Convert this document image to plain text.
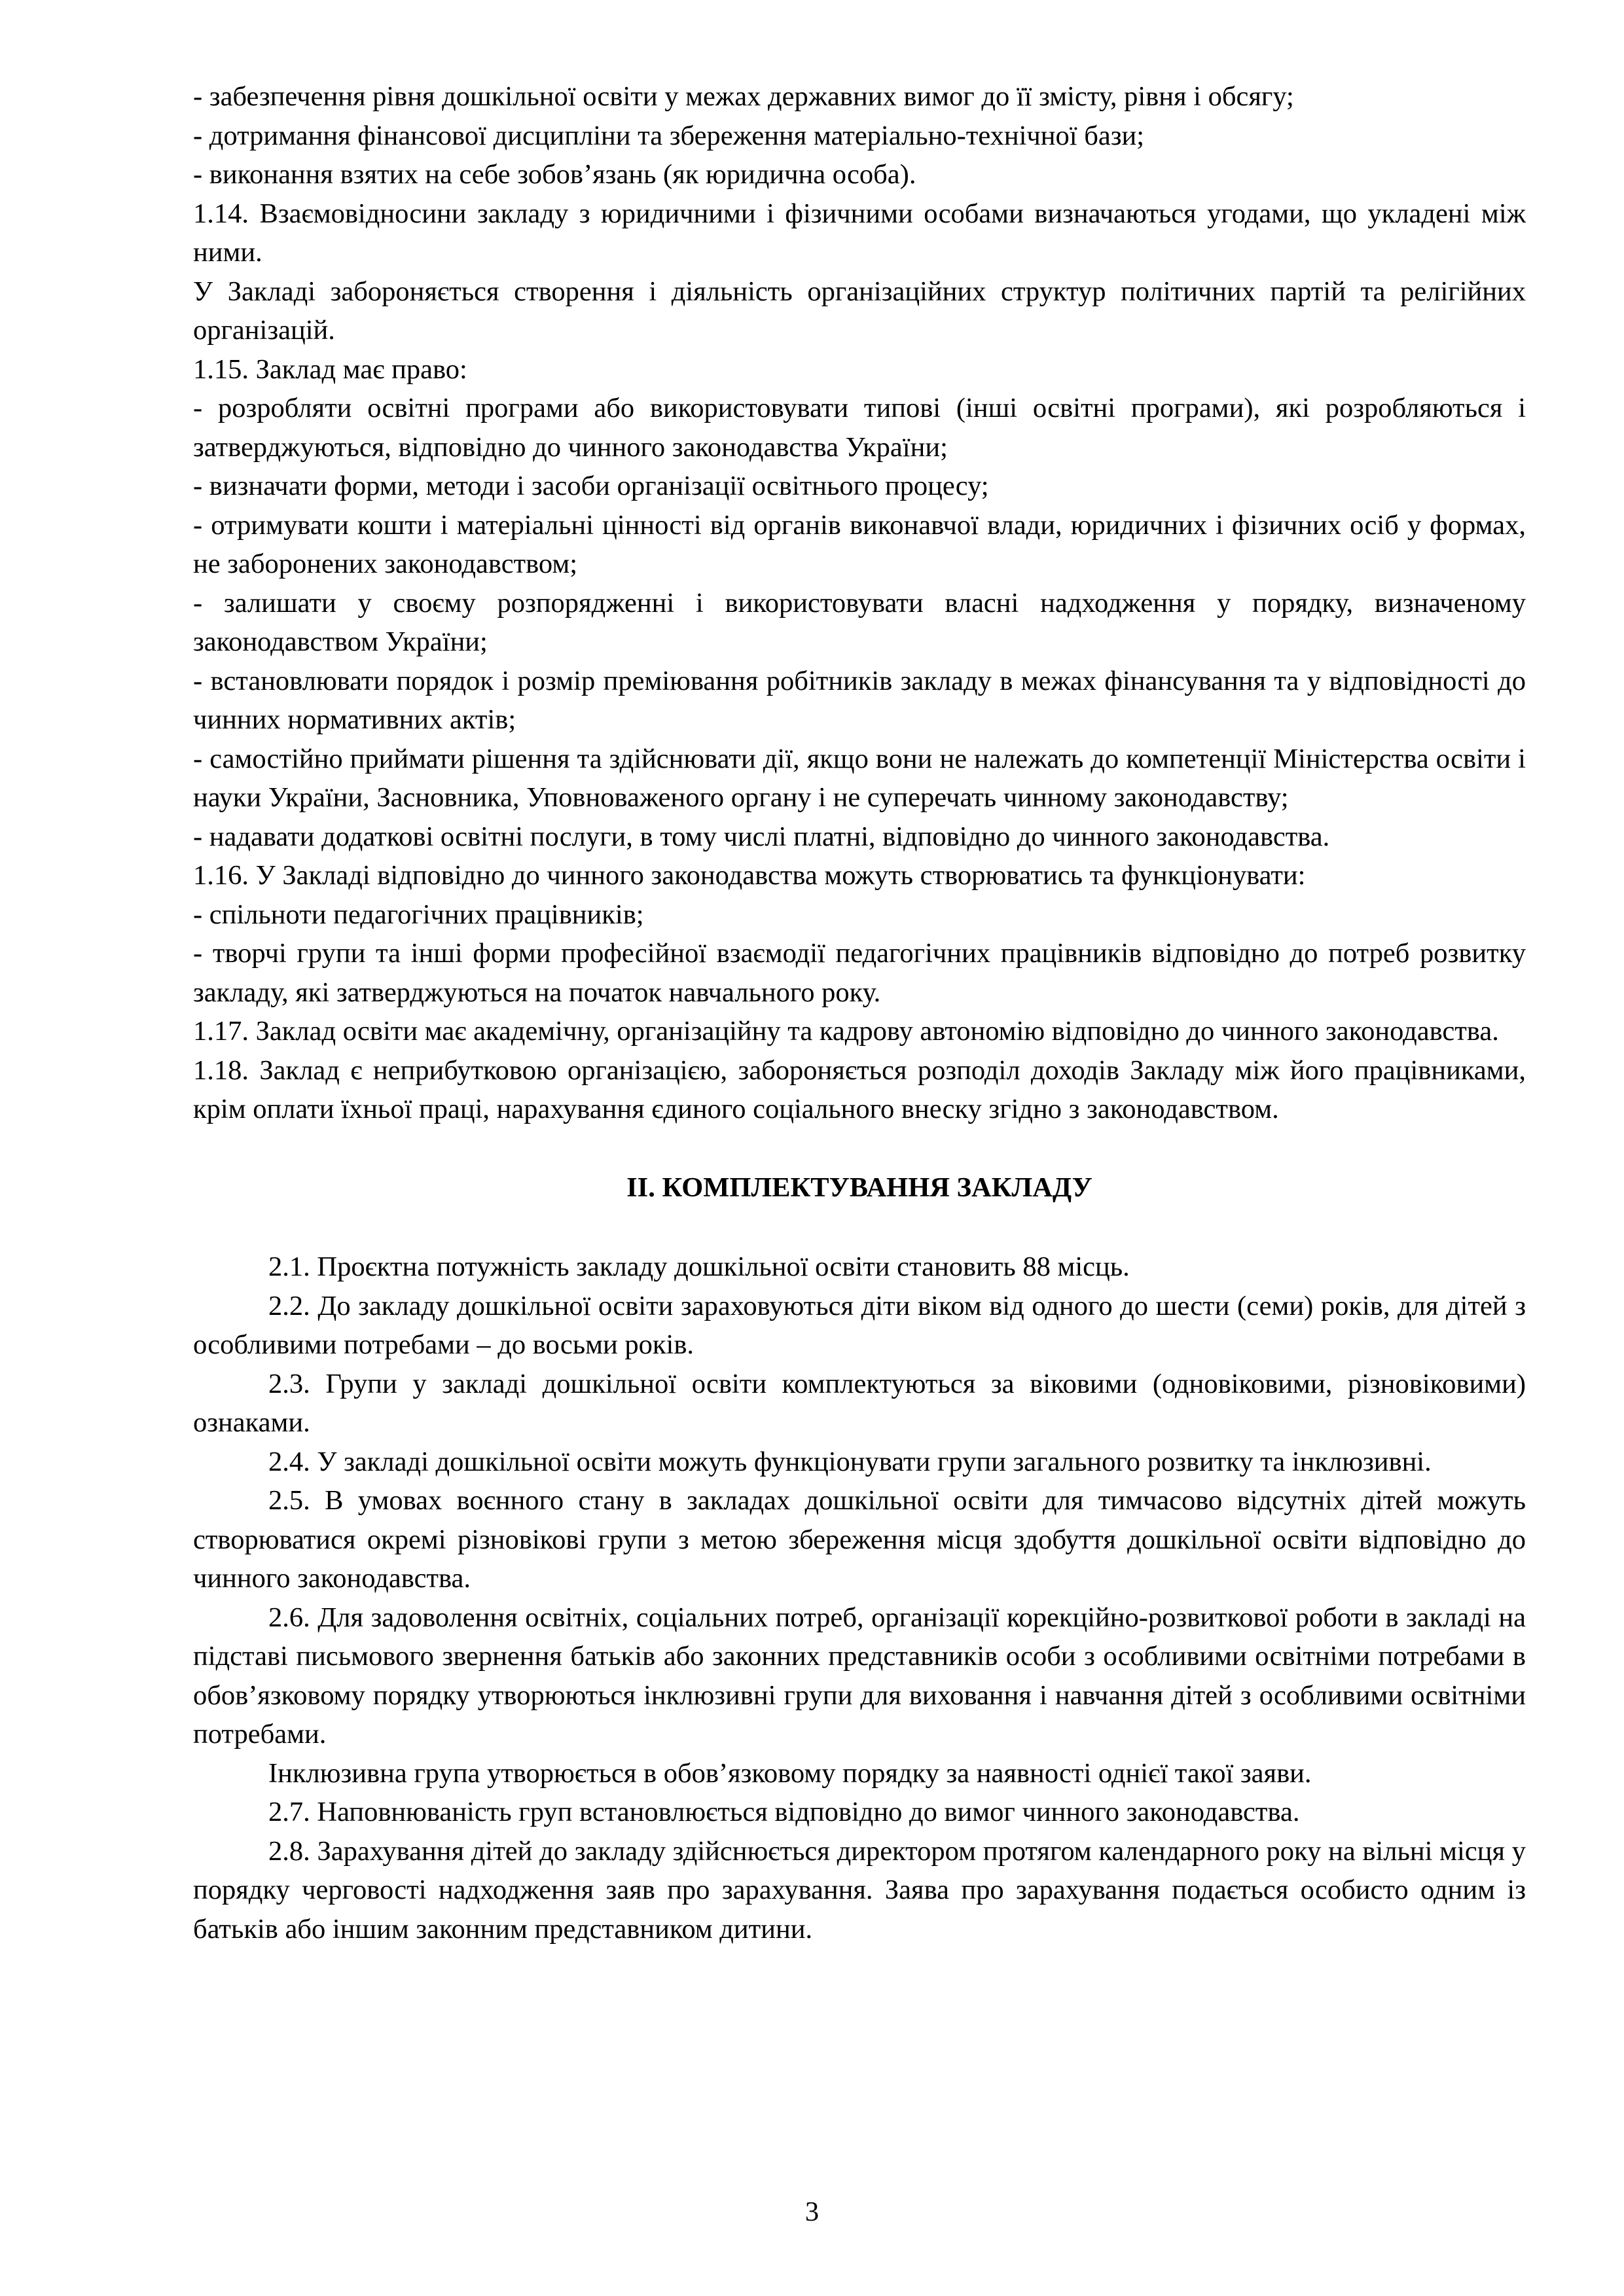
- забезпечення рівня дошкільної освіти у межах державних вимог до її змісту, рівня і обсягу;

- дотримання фінансової дисципліни та збереження матеріально-технічної бази;

- виконання взятих на себе зобов’язань (як юридична особа).

1.14. Взаємовідносини закладу з юридичними і фізичними особами визначаються угодами, що укладені між ними.

У Закладі забороняється створення і діяльність організаційних структур політичних партій та релігійних організацій.

1.15. Заклад має право:

- розробляти освітні програми або використовувати типові (інші освітні програми), які розробляються і затверджуються, відповідно до чинного законодавства України;

- визначати форми, методи і засоби організації освітнього процесу;

- отримувати кошти і матеріальні цінності від органів виконавчої влади, юридичних і фізичних осіб у формах, не заборонених законодавством;

- залишати у своєму розпорядженні і використовувати власні надходження у порядку, визначеному законодавством України;

- встановлювати порядок і розмір преміювання робітників закладу в межах фінансування та у відповідності до чинних нормативних актів;

- самостійно приймати рішення та здійснювати дії, якщо вони не належать до компетенції Міністерства освіти і науки України, Засновника, Уповноваженого органу і не суперечать чинному законодавству;

- надавати додаткові освітні послуги, в тому числі платні, відповідно до чинного законодавства.

1.16. У Закладі відповідно до чинного законодавства можуть створюватись та функціонувати:

- спільноти педагогічних працівників;

- творчі групи та інші форми професійної взаємодії педагогічних працівників відповідно до потреб розвитку закладу, які затверджуються на початок навчального року.

1.17. Заклад освіти має академічну, організаційну та кадрову автономію відповідно до чинного законодавства.

1.18. Заклад є неприбутковою організацією, забороняється розподіл доходів Закладу між його працівниками, крім оплати їхньої праці, нарахування єдиного соціального внеску згідно з законодавством.

ІІ. КОМПЛЕКТУВАННЯ ЗАКЛАДУ

2.1. Проєктна потужність закладу дошкільної освіти становить 88 місць.

2.2. До закладу дошкільної освіти зараховуються діти віком від одного до шести (семи) років, для дітей з особливими потребами – до восьми років.

2.3. Групи у закладі дошкільної освіти комплектуються за віковими (одновіковими, різновіковими) ознаками.

2.4. У закладі дошкільної освіти можуть функціонувати групи загального розвитку та інклюзивні.

2.5. В умовах воєнного стану в закладах дошкільної освіти для тимчасово відсутніх дітей можуть створюватися окремі різновікові групи з метою збереження місця здобуття дошкільної освіти відповідно до чинного законодавства.

2.6. Для задоволення освітніх, соціальних потреб, організації корекційно-розвиткової роботи в закладі на підставі письмового звернення батьків або законних представників особи з особливими освітніми потребами в обов’язковому порядку утворюються інклюзивні групи для виховання і навчання дітей з особливими освітніми потребами.

Інклюзивна група утворюється в обов’язковому порядку за наявності однієї такої заяви.

2.7. Наповнюваність груп встановлюється відповідно до вимог чинного законодавства.

2.8. Зарахування дітей до закладу здійснюється директором протягом календарного року на вільні місця у порядку черговості надходження заяв про зарахування. Заява про зарахування подається особисто одним із батьків або іншим законним представником дитини.

3
